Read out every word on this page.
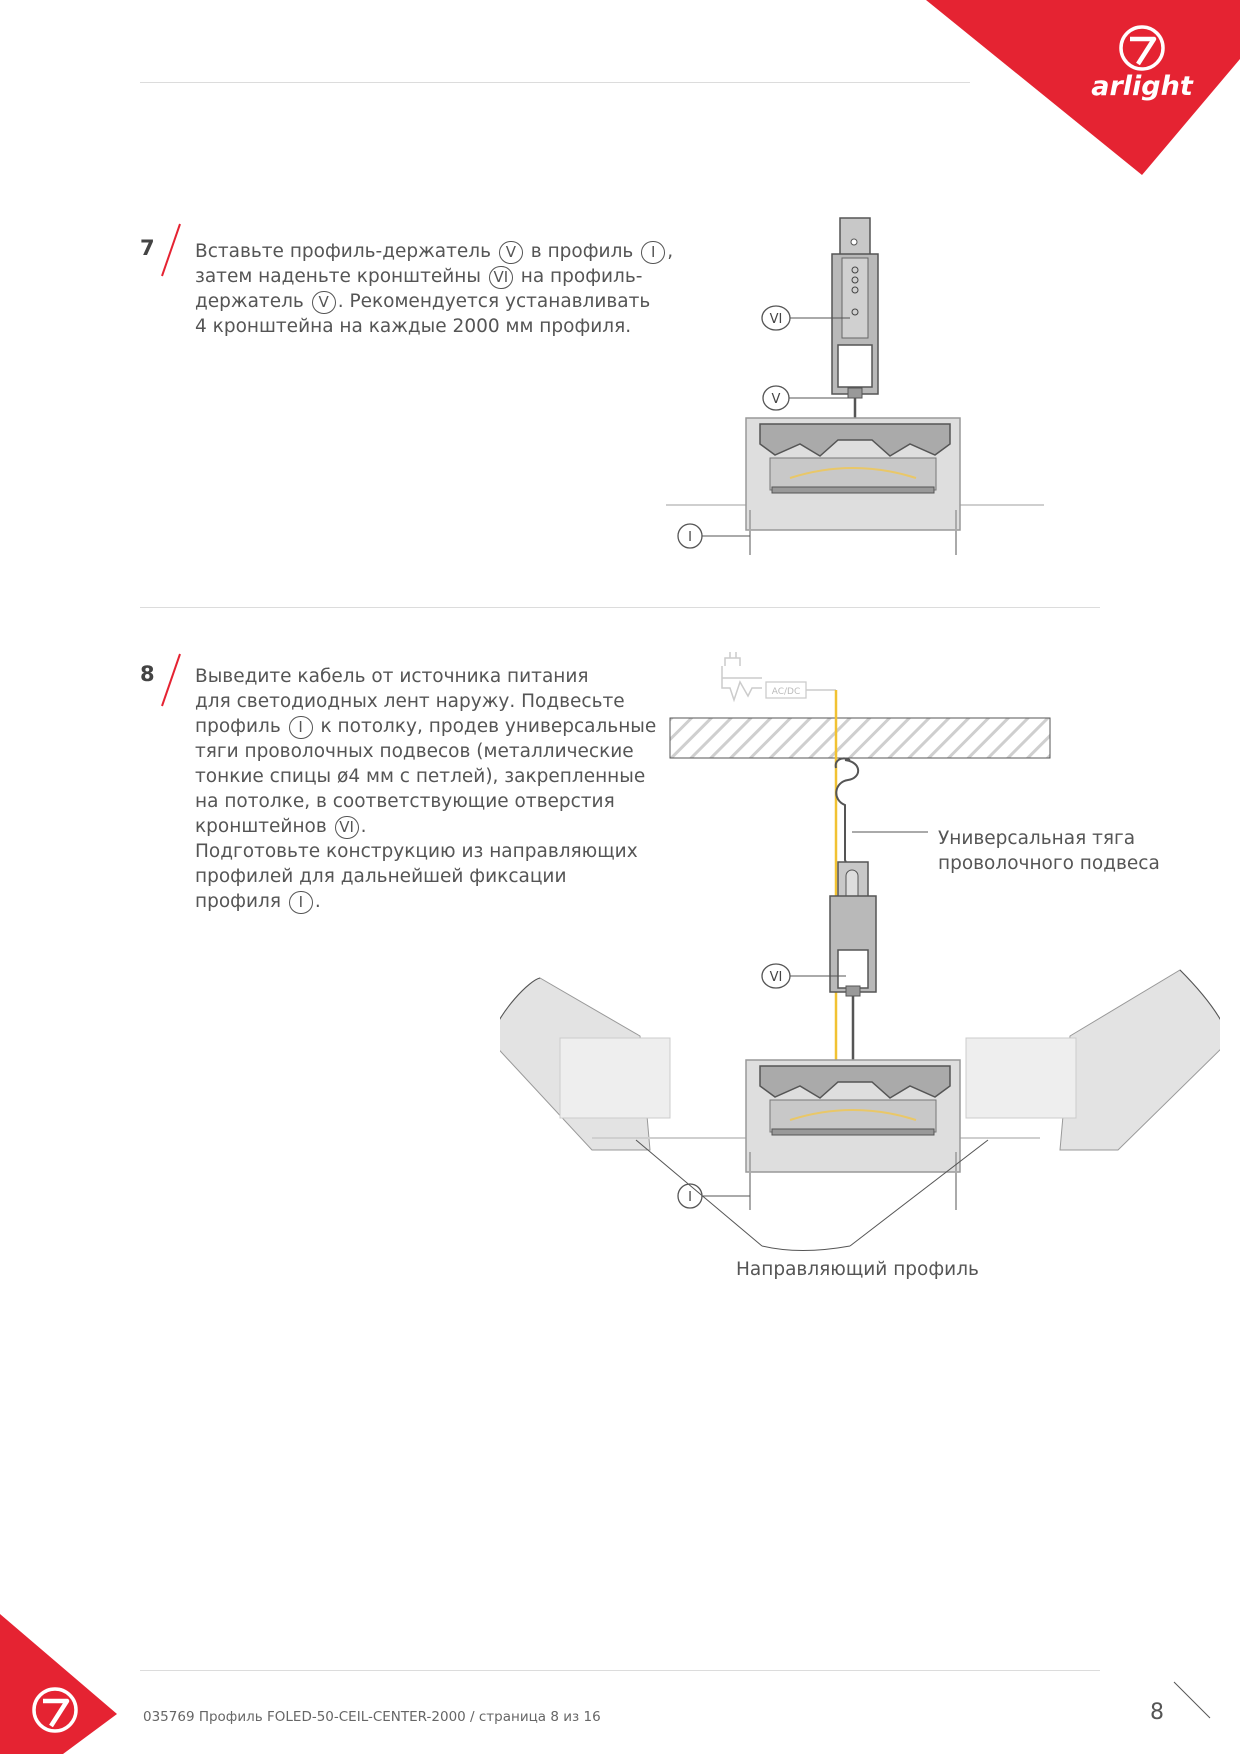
arlight
7 Вставьте профиль-держатель V в профиль I ,

затем наденьте кронштейны VI на профиль-

держатель V . Рекомендуется устанавливать

4 кронштейна на каждые 2000 мм профиля.

8 Выведите кабель от источника питания

для светодиодных лент наружу. Подвесьте

профиль I к потолку, продев универсальные

тяги проволочных подвесов (металлические

тонкие спицы ø4 мм с петлей), закрепленные

на потолке, в соответствующие отверстия

кронштейнов VI .

Подготовьте конструкцию из направляющих

профилей для дальнейшей фиксации

профиля I .

VI
V
I
AC/DC
VI
I
Универсальная тяга
проволочного подвеса
Направляющий профиль
035769 Профиль FOLED-50-CEIL-CENTER-2000 / страница 8 из 16	8
